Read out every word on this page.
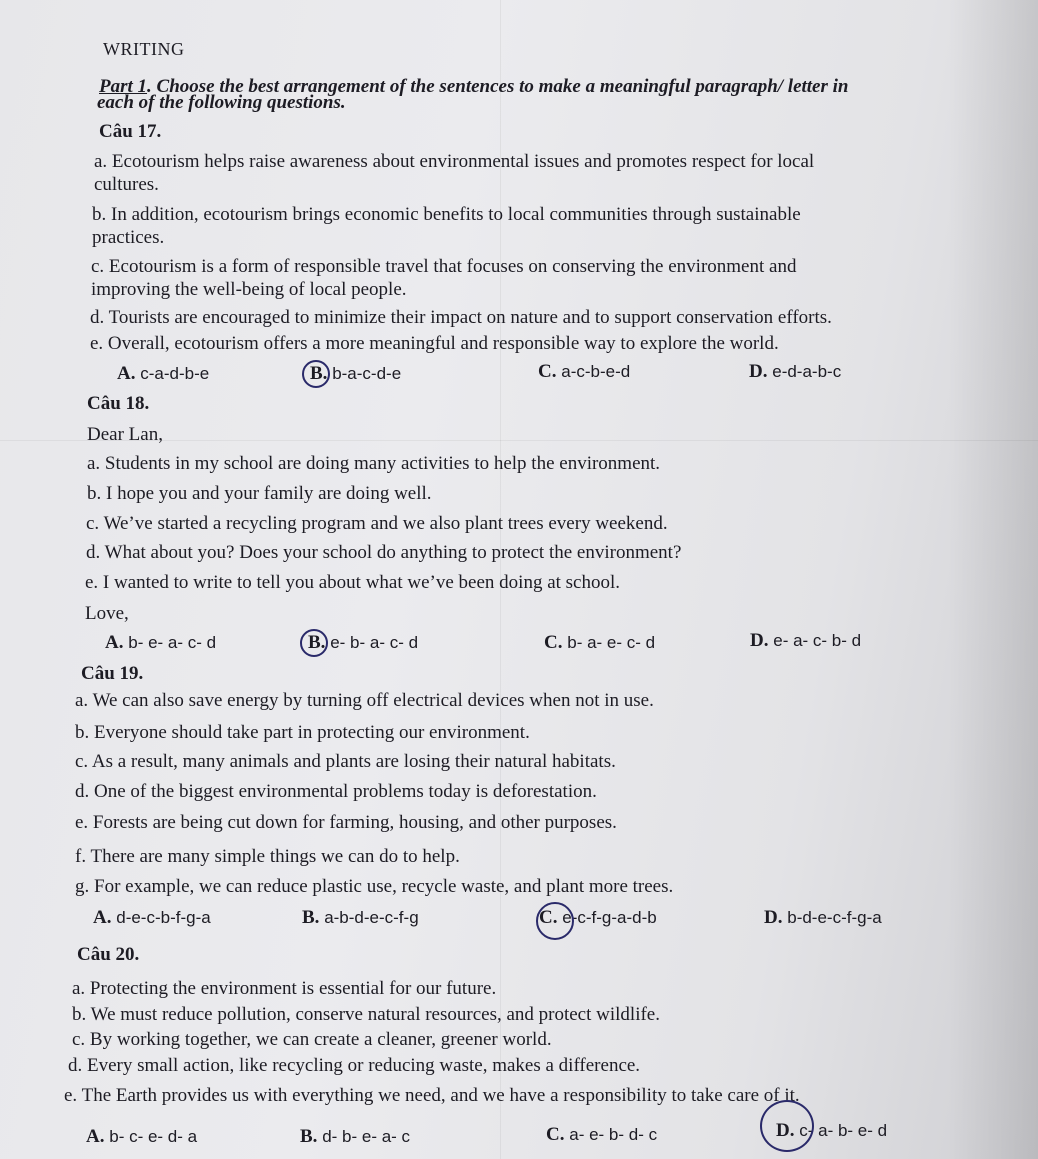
WRITING
Part 1. Choose the best arrangement of the sentences to make a meaningful paragraph/ letter in
each of the following questions.
Câu 17.
a. Ecotourism helps raise awareness about environmental issues and promotes respect for local
cultures.
b. In addition, ecotourism brings economic benefits to local communities through sustainable
practices.
c. Ecotourism is a form of responsible travel that focuses on conserving the environment and
improving the well-being of local people.
d. Tourists are encouraged to minimize their impact on nature and to support conservation efforts.
e. Overall, ecotourism offers a more meaningful and responsible way to explore the world.
A. c-a-d-b-e	B. b-a-c-d-e	C. a-c-b-e-d	D. e-d-a-b-c
Câu 18.
Dear Lan,
a. Students in my school are doing many activities to help the environment.
b. I hope you and your family are doing well.
c. We’ve started a recycling program and we also plant trees every weekend.
d. What about you? Does your school do anything to protect the environment?
e. I wanted to write to tell you about what we’ve been doing at school.
Love,
A. b- e- a- c- d	B. e- b- a- c- d	C. b- a- e- c- d	D. e- a- c- b- d
Câu 19.
a. We can also save energy by turning off electrical devices when not in use.
b. Everyone should take part in protecting our environment.
c. As a result, many animals and plants are losing their natural habitats.
d. One of the biggest environmental problems today is deforestation.
e. Forests are being cut down for farming, housing, and other purposes.
f. There are many simple things we can do to help.
g. For example, we can reduce plastic use, recycle waste, and plant more trees.
A. d-e-c-b-f-g-a	B. a-b-d-e-c-f-g	C. e-c-f-g-a-d-b	D. b-d-e-c-f-g-a
Câu 20.
a. Protecting the environment is essential for our future.
b. We must reduce pollution, conserve natural resources, and protect wildlife.
c. By working together, we can create a cleaner, greener world.
d. Every small action, like recycling or reducing waste, makes a difference.
e. The Earth provides us with everything we need, and we have a responsibility to take care of it.
A. b- c- e- d- a	B. d- b- e- a- c	C. a- e- b- d- c	D. c- a- b- e- d
